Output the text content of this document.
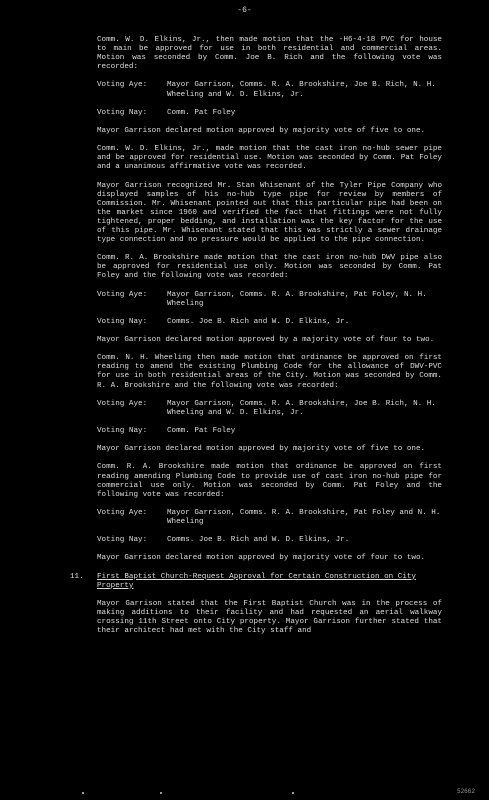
-6-

Comm. W. D. Elkins, Jr., then made motion that the -H6-4-18 PVC for house to main be approved for use in both residential and commercial areas. Motion was seconded by Comm. Joe B. Rich and the following vote was recorded:

Voting Aye:	Mayor Garrison, Comms. R. A. Brookshire, Joe B. Rich, N. H. Wheeling and W. D. Elkins, Jr.
Voting Nay:	Comm. Pat Foley

Mayor Garrison declared motion approved by majority vote of five to one.

Comm. W. D. Elkins, Jr., made motion that the cast iron no-hub sewer pipe and be approved for residential use. Motion was seconded by Comm. Pat Foley and a unanimous affirmative vote was recorded.

Mayor Garrison recognized Mr. Stan Whisenant of the Tyler Pipe Company who displayed samples of his no-hub type pipe for review by members of Commission. Mr. Whisenant pointed out that this particular pipe had been on the market since 1960 and verified the fact that fittings were not fully tightened, proper bedding, and installation was the key factor for the use of this pipe. Mr. Whisenant stated that this was strictly a sewer drainage type connection and no pressure would be applied to the pipe connection.

Comm. R. A. Brookshire made motion that the cast iron no-hub DWV pipe also be approved for residential use only. Motion was seconded by Comm. Pat Foley and the following vote was recorded:

Voting Aye:	Mayor Garrison, Comms. R. A. Brookshire, Pat Foley, N. H. Wheeling
Voting Nay:	Comms. Joe B. Rich and W. D. Elkins, Jr.

Mayor Garrison declared motion approved by a majority vote of four to two.

Comm. N. H. Wheeling then made motion that ordinance be approved on first reading to amend the existing Plumbing Code for the allowance of DWV-PVC for use in both residential areas of the City. Motion was seconded by Comm. R. A. Brookshire and the following vote was recorded:

Voting Aye:	Mayor Garrison, Comms. R. A. Brookshire, Joe B. Rich, N. H. Wheeling and W. D. Elkins, Jr.
Voting Nay:	Comm. Pat Foley

Mayor Garrison declared motion approved by majority vote of five to one.

Comm. R. A. Brookshire made motion that ordinance be approved on first reading amending Plumbing Code to provide use of cast iron no-hub pipe for commercial use only. Motion was seconded by Comm. Pat Foley and the following vote was recorded:

Voting Aye:	Mayor Garrison, Comms. R. A. Brookshire, Pat Foley and N. H. Wheeling
Voting Nay:	Comms. Joe B. Rich and W. D. Elkins, Jr.

Mayor Garrison declared motion approved by majority vote of four to two.

11.	First Baptist Church-Request Approval for Certain Construction on City Property

Mayor Garrison stated that the First Baptist Church was in the process of making additions to their facility and had requested an aerial walkway crossing 11th Street onto City property. Mayor Garrison further stated that their architect had met with the City staff and

52662
